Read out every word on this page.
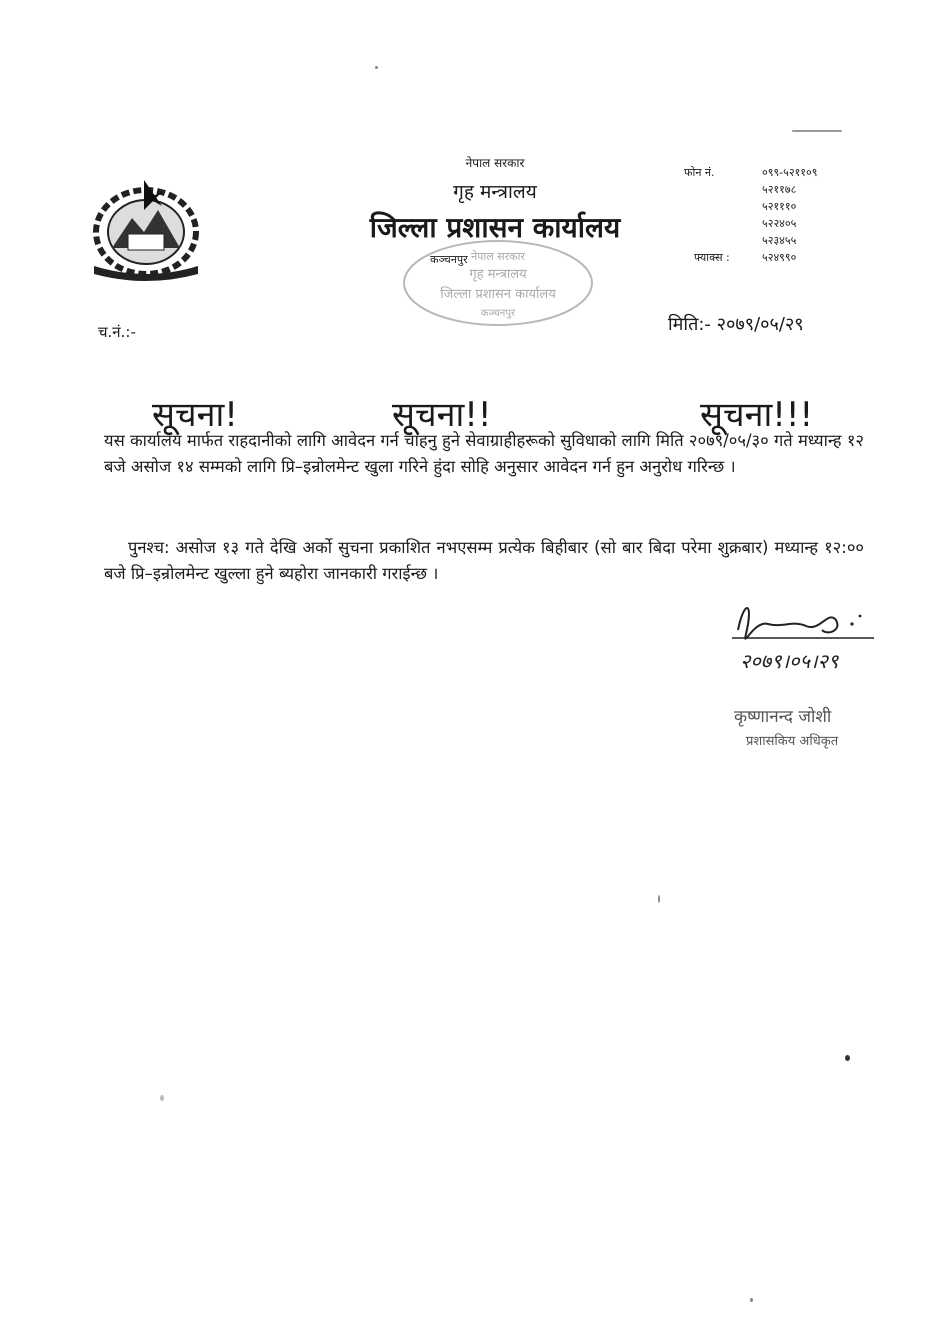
नेपाल सरकार
गृह मन्त्रालय
जिल्ला प्रशासन कार्यालय
कञ्चनपुर नेपाल सरकार
गृह मन्त्रालय
जिल्ला प्रशासन कार्यालय
कञ्चनपुर
फोन नं.	०९९-५२११०९
५२११७८
५२१११०
५२२४०५
५२३४५५
फ्याक्स :	५२४९९०
च.नं.:-	मिति:- २०७९/०५/२९
सूचना!	सूचना!!	सूचना!!!
यस कार्यालय मार्फत राहदानीको लागि आवेदन गर्न चाहनु हुने सेवाग्राहीहरूको सुविधाको लागि मिति २०७९/०५/३० गते मध्यान्ह १२ बजे असोज १४ सम्मको लागि प्रि–इन्रोलमेन्ट खुला गरिने हुंदा सोहि अनुसार आवेदन गर्न हुन अनुरोध गरिन्छ ।
पुनश्च: असोज १३ गते देखि अर्को सुचना प्रकाशित नभएसम्म प्रत्येक बिहीबार (सो बार बिदा परेमा शुक्रबार) मध्यान्ह १२:०० बजे प्रि–इन्रोलमेन्ट खुल्ला हुने ब्यहोरा जानकारी गराईन्छ ।
२०७९।०५।२९
कृष्णानन्द जोशी
प्रशासकिय अधिकृत
